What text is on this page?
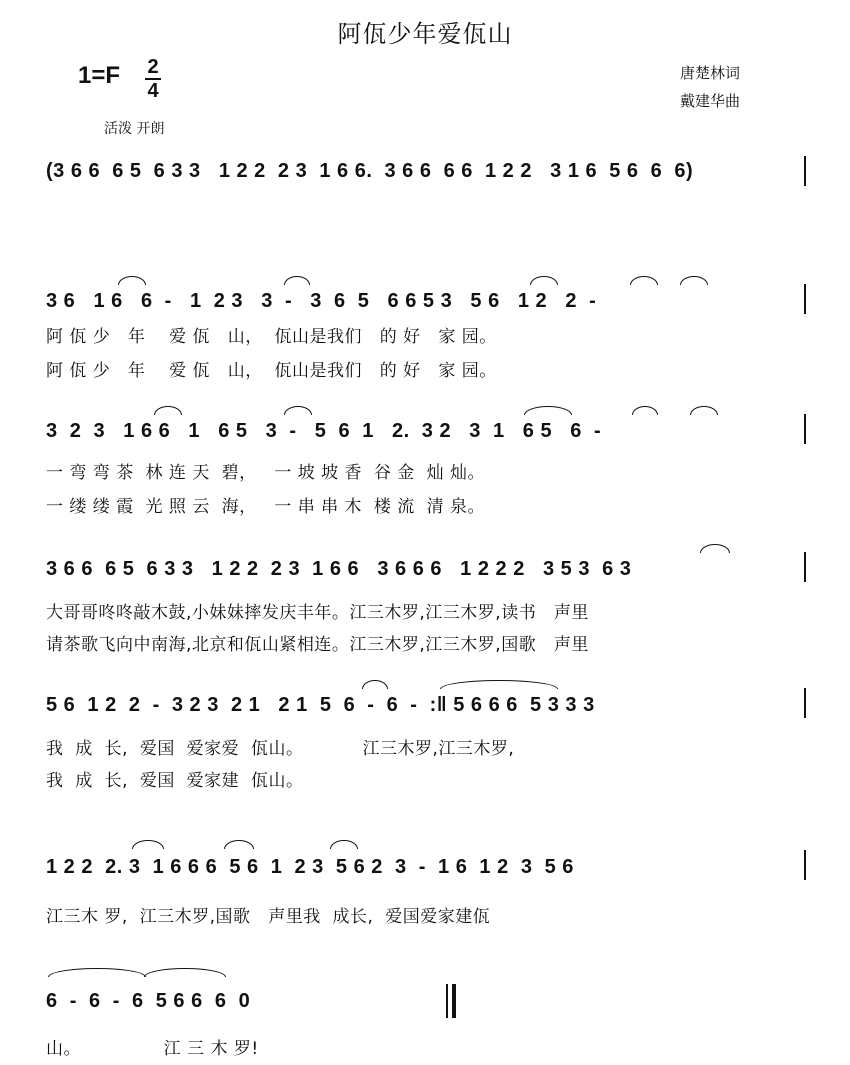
阿佤少年爱佤山
1=F 2
4
活泼 开朗
唐楚林词
戴建华曲
(3 6 6  6 5  6 3 3   1 2 2  2 3  1 6 6.  3 6 6  6 6  1 2 2   3 1 6  5 6  6  6)
3 6   1 6   6  -   1  2 3   3  -   3  6  5   6 6 5 3   5 6   1 2   2  -
阿 佤 少   年    爱 佤   山，  佤山是我们   的 好   家 园。
阿 佤 少   年    爱 佤   山，  佤山是我们   的 好   家 园。
3  2  3   1 6 6   1   6 5   3  -   5  6  1   2.  3 2   3  1   6 5   6  -
一 弯 弯 茶  林 连 天  碧，   一 坡 坡 香  谷 金  灿 灿。
一 缕 缕 霞  光 照 云  海，   一 串 串 木  楼 流  清 泉。
3 6 6  6 5  6 3 3   1 2 2  2 3  1 6 6   3 6 6 6   1 2 2 2   3 5 3  6 3
大哥哥咚咚敲木鼓,小妹妹摔发庆丰年。江三木罗,江三木罗,读书   声里
请茶歌飞向中南海,北京和佤山紧相连。江三木罗,江三木罗,国歌   声里
5 6  1 2  2  -  3 2 3  2 1   2 1  5  6  -  6  -  :‖ 5 6 6 6  5 3 3 3
我  成  长,  爱国  爱家爱  佤山。          江三木罗,江三木罗,
我  成  长,  爱国  爱家建  佤山。
1 2 2  2. 3  1 6 6 6  5 6  1  2 3  5 6 2  3  -  1 6  1 2  3  5 6
江三木 罗,  江三木罗,国歌   声里我  成长,  爱国爱家建佤
6  -  6  -  6  5 6 6  6  0
山。              江 三 木 罗!
